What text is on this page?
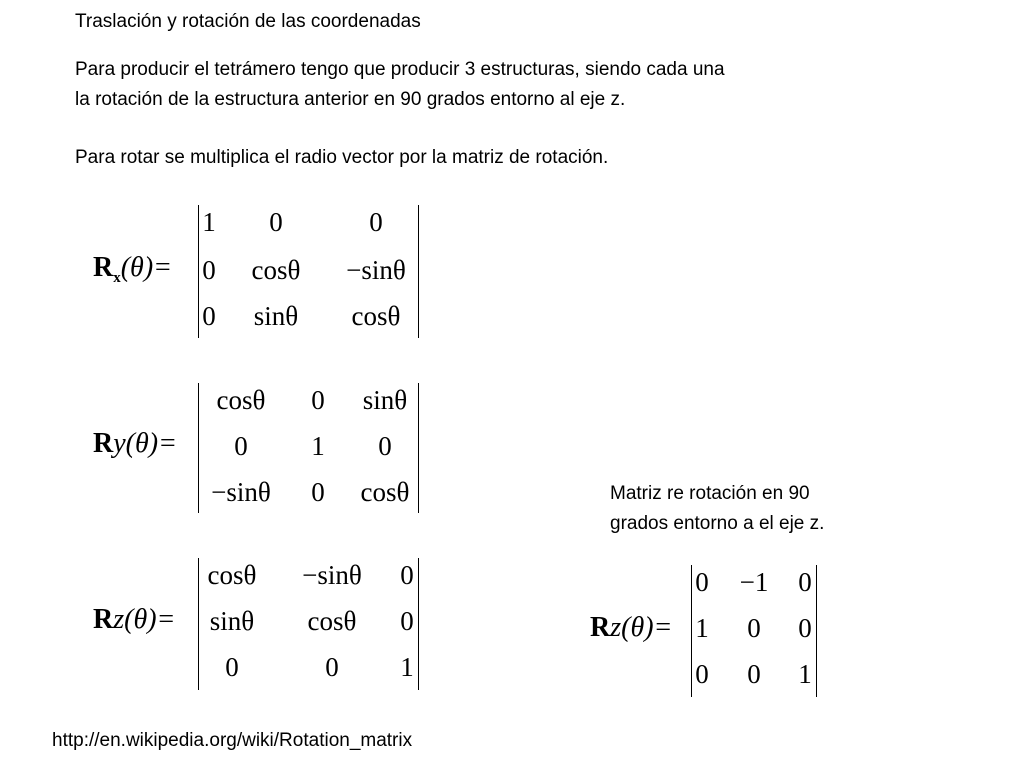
Traslación y rotación de las coordenadas
Para producir el tetrámero tengo que producir 3 estructuras, siendo cada una
la rotación de la estructura anterior en 90 grados entorno al eje z.
Para rotar se multiplica el radio vector por la matriz de rotación.
$R_x(\theta)=$
1 0	0
0 cosθ −sinθ
0 sinθ cosθ
Ry(θ)=
cosθ 0 sinθ
0 1 0
−sinθ 0 cosθ	Matriz re rotación en 90
grados entorno a el eje z.
Rz(θ)=
cosθ −sinθ 0
sinθ cosθ 0
0	0 1
Rz(θ)=
0 −1 0
1 0 0
0 0 1
http://en.wikipedia.org/wiki/Rotation_matrix
